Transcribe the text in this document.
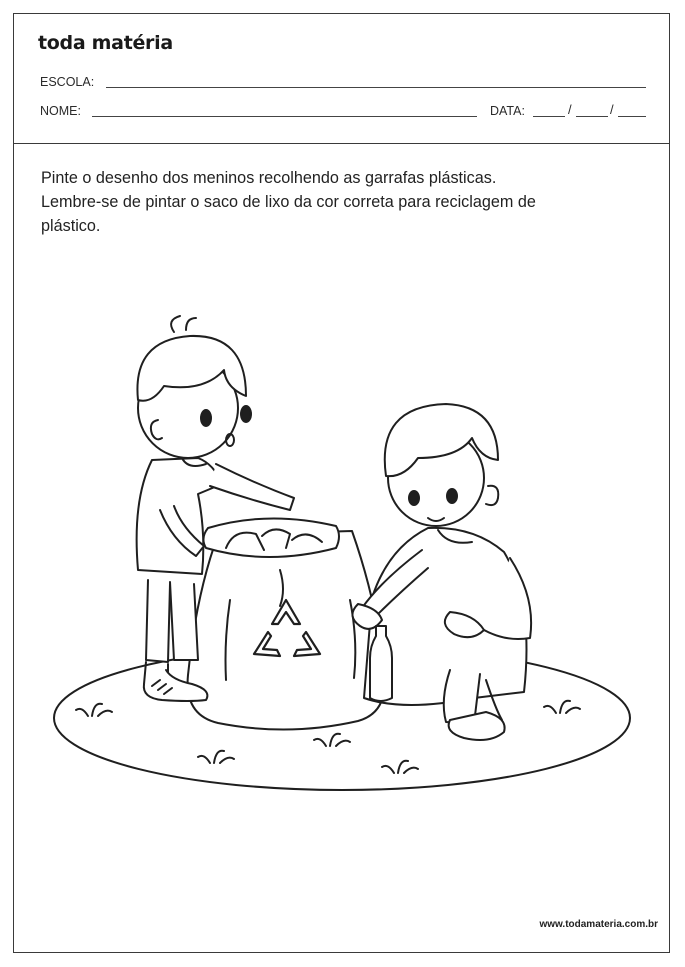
toda matéria
ESCOLA:
NOME:	DATA:	/	/

Pinte o desenho dos meninos recolhendo as garrafas plásticas.

Lembre-se de pintar o saco de lixo da cor correta para reciclagem de

plástico.

www.todamateria.com.br
